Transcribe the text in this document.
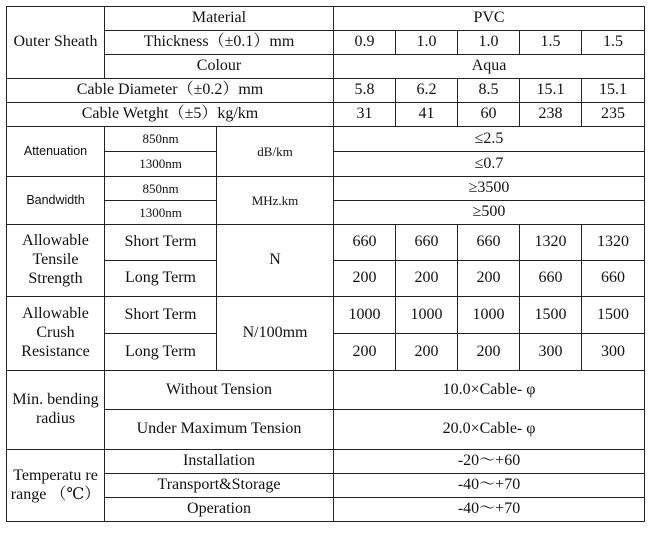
Outer Sheath	Material		PVC				
	Thickness（±0.1）mm		0.9	1.0	1.0	1.5	1.5
	Colour		Aqua				
Cable Diameter（±0.2）mm			5.8	6.2	8.5	15.1	15.1
Cable Wetght（±5）kg/km			31	41	60	238	235
Attenuation	850nm	dB/km	≤2.5				
	1300nm		≤0.7				
Bandwidth	850nm	MHz.km	≥3500				
	1300nm		≥500				
Allowable Tensile Strength	Short Term	N	660	660	660	1320	1320
	Long Term		200	200	200	660	660
Allowable Crush Resistance	Short Term	N/100mm	1000	1000	1000	1500	1500
	Long Term		200	200	200	300	300
Min. bending radius	Without Tension		10.0×Cable- φ				
	Under Maximum Tension		20.0×Cable- φ				
Temperatu re range （℃）	Installation		-20～+60				
	Transport&Storage		-40～+70				
	Operation		-40～+70				
